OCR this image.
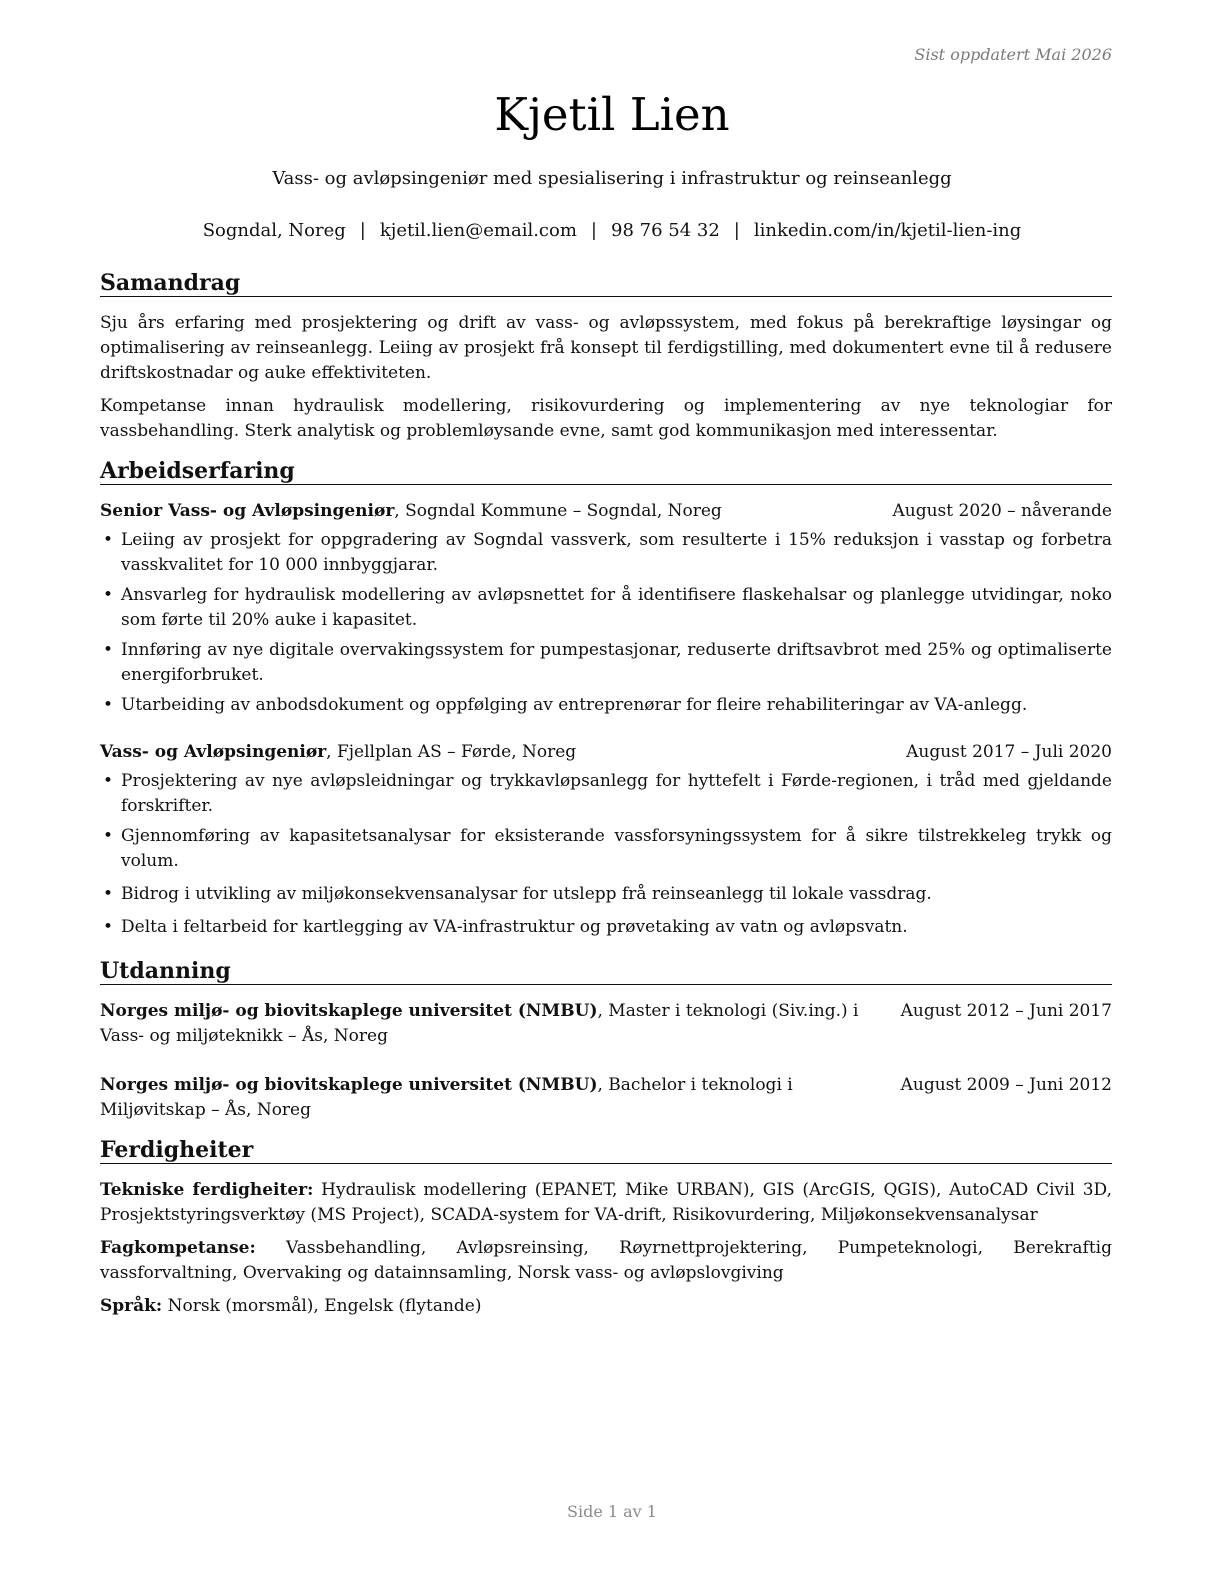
Sist oppdatert Mai 2026
Kjetil Lien
Vass- og avløpsingeniør med spesialisering i infrastruktur og reinseanlegg
Sogndal, Noreg | kjetil.lien@email.com | 98 76 54 32 | linkedin.com/in/kjetil-lien-ing
Samandrag

Sju års erfaring med prosjektering og drift av vass- og avløpssystem, med fokus på berekraftige løysingar og optimalisering av reinseanlegg. Leiing av prosjekt frå konsept til ferdigstilling, med dokumentert evne til å redusere driftskostnadar og auke effektiviteten.

Kompetanse innan hydraulisk modellering, risikovurdering og implementering av nye teknologiar for vassbehandling. Sterk analytisk og problemløysande evne, samt god kommunikasjon med interessentar.

Arbeidserfaring
Senior Vass- og Avløpsingeniør, Sogndal Kommune – Sogndal, Noreg	August 2020 – nåverande
• Leiing av prosjekt for oppgradering av Sogndal vassverk, som resulterte i 15% reduksjon i vasstap og forbetra vasskvalitet for 10 000 innbyggjarar.
• Ansvarleg for hydraulisk modellering av avløpsnettet for å identifisere flaskehalsar og planlegge utvidingar, noko som førte til 20% auke i kapasitet.
• Innføring av nye digitale overvakingssystem for pumpestasjonar, reduserte driftsavbrot med 25% og optimaliserte energiforbruket.
• Utarbeiding av anbodsdokument og oppfølging av entreprenørar for fleire rehabiliteringar av VA-anlegg.
Vass- og Avløpsingeniør, Fjellplan AS – Førde, Noreg	August 2017 – Juli 2020
• Prosjektering av nye avløpsleidningar og trykkavløpsanlegg for hyttefelt i Førde-regionen, i tråd med gjeldande forskrifter.
• Gjennomføring av kapasitetsanalysar for eksisterande vassforsyningssystem for å sikre tilstrekkeleg trykk og volum.
• Bidrog i utvikling av miljøkonsekvensanalysar for utslepp frå reinseanlegg til lokale vassdrag.
• Delta i feltarbeid for kartlegging av VA-infrastruktur og prøvetaking av vatn og avløpsvatn.
Utdanning
Norges miljø- og biovitskaplege universitet (NMBU), Master i teknologi (Siv.ing.) i Vass- og miljøteknikk – Ås, Noreg
August 2012 – Juni 2017
Norges miljø- og biovitskaplege universitet (NMBU), Bachelor i teknologi i Miljøvitskap – Ås, Noreg
August 2009 – Juni 2012
Ferdigheiter

Tekniske ferdigheiter: Hydraulisk modellering (EPANET, Mike URBAN), GIS (ArcGIS, QGIS), AutoCAD Civil 3D, Prosjektstyringsverktøy (MS Project), SCADA-system for VA-drift, Risikovurdering, Miljøkonsekvensanalysar

Fagkompetanse: Vassbehandling, Avløpsreinsing, Røyrnettprojektering, Pumpeteknologi, Berekraftig vassforvaltning, Overvaking og datainnsamling, Norsk vass- og avløpslovgiving

Språk: Norsk (morsmål), Engelsk (flytande)

Side 1 av 1
